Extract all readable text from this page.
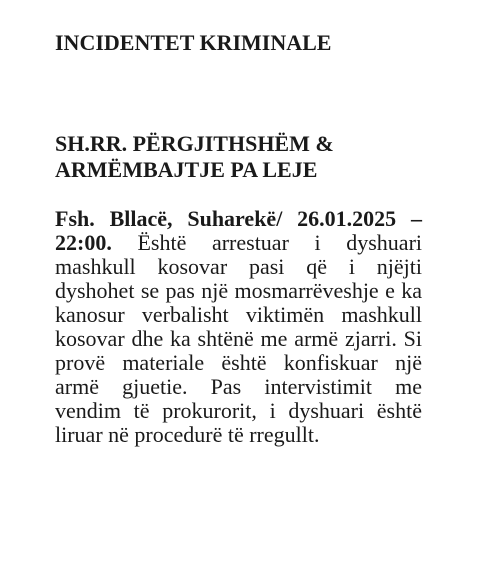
INCIDENTET KRIMINALE
SH.RR. PËRGJITHSHËM &
ARMËMBAJTJE PA LEJE

Fsh. Bllacë, Suharekë/ 26.01.2025 – 22:00. Është arrestuar i dyshuari mashkull kosovar pasi që i njëjti dyshohet se pas një mosmarrëveshje e ka kanosur verbalisht viktimën mashkull kosovar dhe ka shtënë me armë zjarri. Si provë materiale është konfiskuar një armë gjuetie. Pas intervistimit me vendim të prokurorit, i dyshuari është liruar në procedurë të rregullt.
